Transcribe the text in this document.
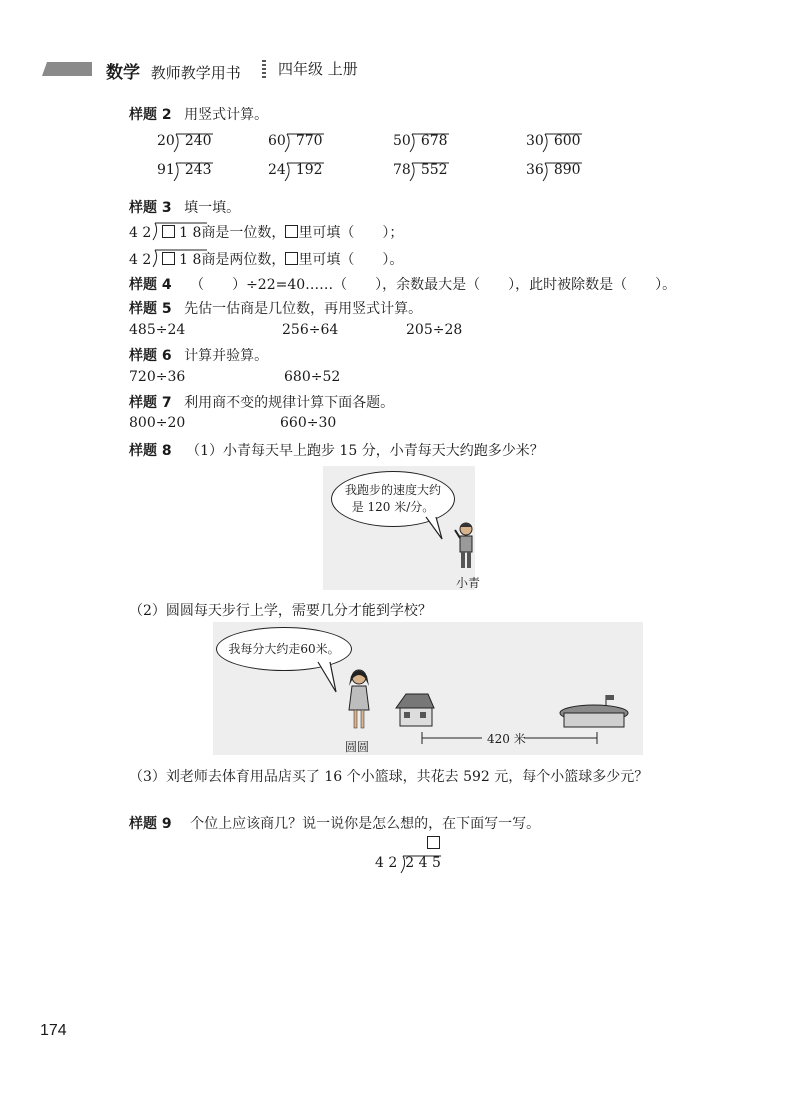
数学 教师教学用书 四年级 上册
样题 2 用竖式计算。
20 240	60 770	50 678	30 600
91 243	24 192	78 552	36 890
样题 3 填一填。
4 2 1 8商是一位数， 里可填（　　）；
4 2 1 8商是两位数， 里可填（　　）。
样题 4 （　　）÷22=40……（　　），余数最大是（　　），此时被除数是（　　）。
样题 5 先估一估商是几位数，再用竖式计算。
485÷24	256÷64	205÷28
样题 6 计算并验算。
720÷36	680÷52
样题 7 利用商不变的规律计算下面各题。
800÷20	660÷30
样题 8 （1）小青每天早上跑步 15 分，小青每天大约跑多少米？
我跑步的速度大约
是 120 米/分。
小青
（2）圆圆每天步行上学，需要几分才能到学校？
我每分大约走60米。
圆圆
420 米
（3）刘老师去体育用品店买了 16 个小篮球，共花去 592 元，每个小篮球多少元？
样题 9 个位上应该商几？说一说你是怎么想的，在下面写一写。
4 2 2 4 5
174
